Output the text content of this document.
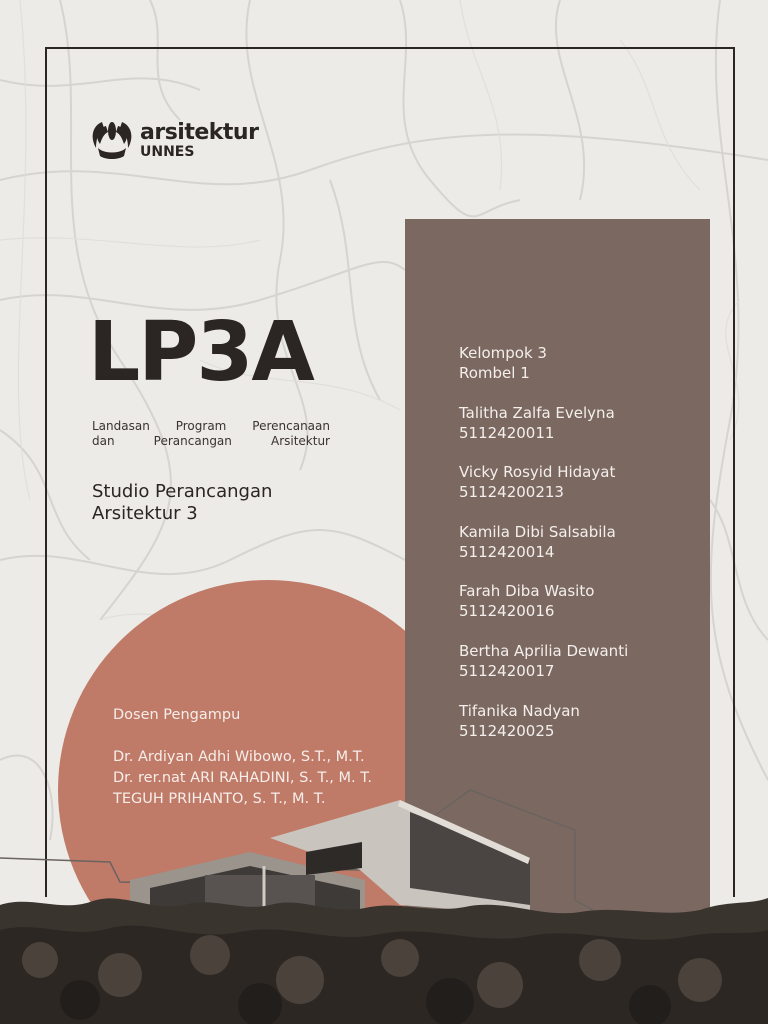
arsitektur
UNNES
LP3A

Landasan Program Perencanaan
dan Perancangan Arsitektur

Studio Perancangan
Arsitektur 3
Kelompok 3
Rombel 1
Talitha Zalfa Evelyna
5112420011
Vicky Rosyid Hidayat
51124200213
Kamila Dibi Salsabila
5112420014
Farah Diba Wasito
5112420016
Bertha Aprilia Dewanti
5112420017
Tifanika Nadyan
5112420025
Dosen Pengampu
Dr. Ardiyan Adhi Wibowo, S.T., M.T.
Dr. rer.nat ARI RAHADINI, S. T., M. T.
TEGUH PRIHANTO, S. T., M. T.
